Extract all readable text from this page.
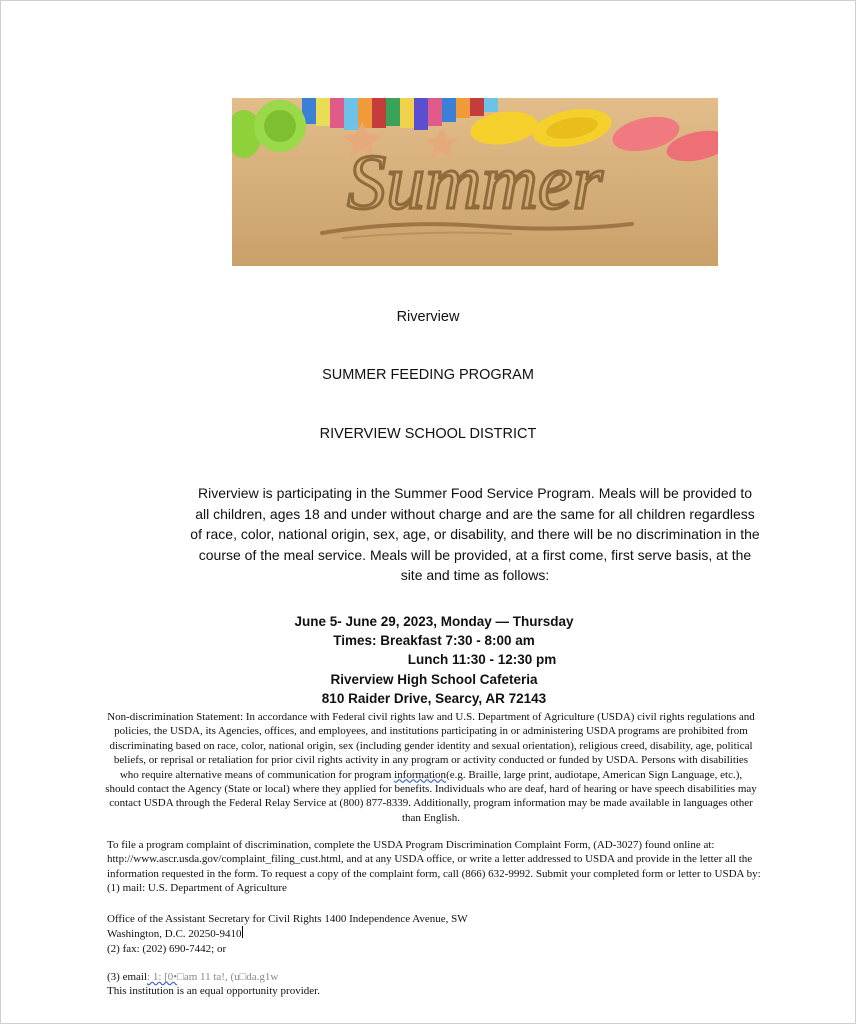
Summer
Riverview
SUMMER FEEDING PROGRAM
RIVERVIEW SCHOOL DISTRICT
Riverview is participating in the Summer Food Service Program. Meals will be provided to all children, ages 18 and under without charge and are the same for all children regardless of race, color, national origin, sex, age, or disability, and there will be no discrimination in the course of the meal service. Meals will be provided, at a first come, first serve basis, at the site and time as follows:
June 5- June 29, 2023, Monday — Thursday
Times: Breakfast 7:30 - 8:00 am
Lunch 11:30 - 12:30 pm
Riverview High School Cafeteria
810 Raider Drive, Searcy, AR 72143
Non-discrimination Statement: In accordance with Federal civil rights law and U.S. Department of Agriculture (USDA) civil rights regulations and policies, the USDA, its Agencies, offices, and employees, and institutions participating in or administering USDA programs are prohibited from discriminating based on race, color, national origin, sex (including gender identity and sexual orientation), religious creed, disability, age, political beliefs, or reprisal or retaliation for prior civil rights activity in any program or activity conducted or funded by USDA. Persons with disabilities who require alternative means of communication for program information(e.g. Braille, large print, audiotape, American Sign Language, etc.), should contact the Agency (State or local) where they applied for benefits. Individuals who are deaf, hard of hearing or have speech disabilities may contact USDA through the Federal Relay Service at (800) 877-8339. Additionally, program information may be made available in languages other than English.
To file a program complaint of discrimination, complete the USDA Program Discrimination Complaint Form, (AD-3027) found online at: http://www.ascr.usda.gov/complaint_filing_cust.html, and at any USDA office, or write a letter addressed to USDA and provide in the letter all the information requested in the form. To request a copy of the complaint form, call (866) 632-9992. Submit your completed form or letter to USDA by: (1) mail: U.S. Department of Agriculture
Office of the Assistant Secretary for Civil Rights 1400 Independence Avenue, SW
Washington, D.C. 20250-9410
(2) fax: (202) 690-7442; or
(3) email: 1: [0•□am 11 ta!, (u□da.g1w
This institution is an equal opportunity provider.
